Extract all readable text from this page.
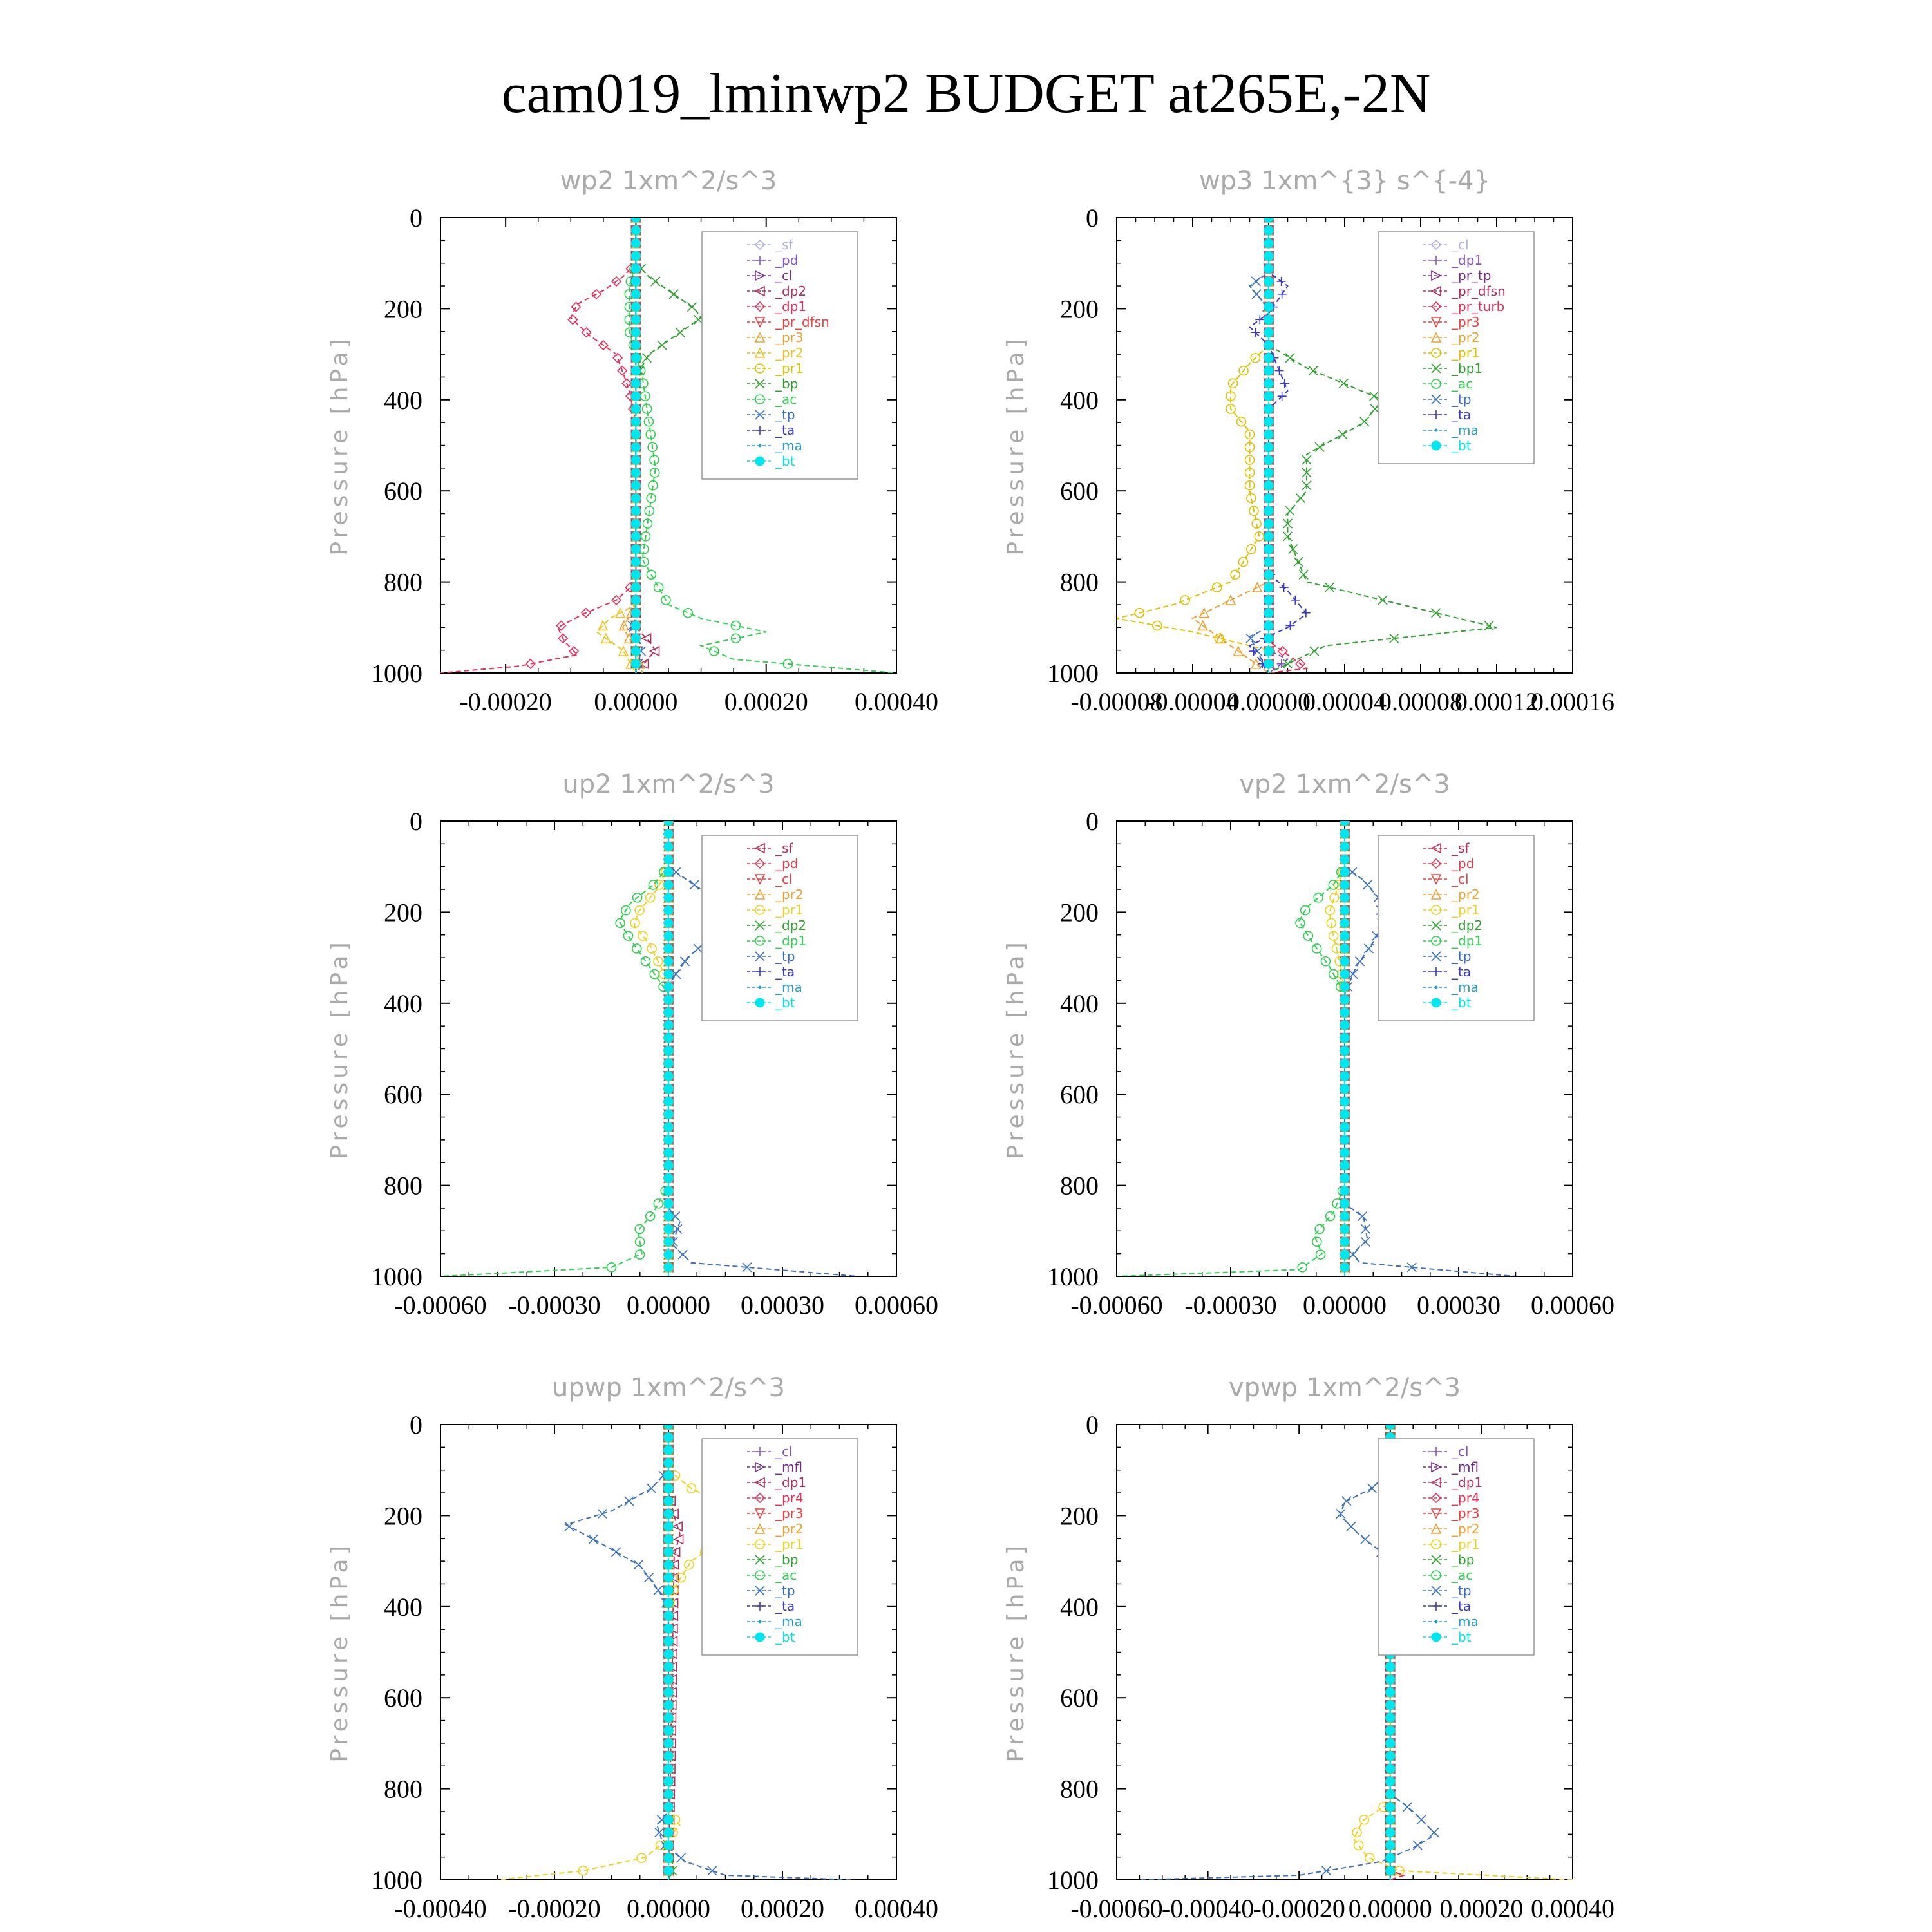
cam019_lminwp2 BUDGET at265E,-2N
0
200
400
600
800
1000
-0.00020 0.00000 0.00020 0.00040
wp2 1xm^2/s^3
Pressure [hPa]
_sf
_pd
_cl
_dp2
_dp1
_pr_dfsn
_pr3
_pr2
_pr1
_bp
_ac
_tp
_ta
_ma
_bt
0
200
400
600
800
1000
-0.00008
-0.00004
0.00000
0.00004
0.00008
0.00012
0.00016
wp3 1xm^{3} s^{-4}
Pressure [hPa]
_cl
_dp1
_pr_tp
_pr_dfsn
_pr_turb
_pr3
_pr2
_pr1
_bp1
_ac
_tp
_ta
_ma
_bt
0
200
400
600
800
1000
-0.00060 -0.00030 0.00000 0.00030 0.00060
up2 1xm^2/s^3
Pressure [hPa]
_sf
_pd
_cl
_pr2
_pr1
_dp2
_dp1
_tp
_ta
_ma
_bt
0
200
400
600
800
1000
-0.00060 -0.00030 0.00000 0.00030 0.00060
vp2 1xm^2/s^3
Pressure [hPa]
_sf
_pd
_cl
_pr2
_pr1
_dp2
_dp1
_tp
_ta
_ma
_bt
0
200
400
600
800
1000
-0.00040 -0.00020 0.00000 0.00020 0.00040
upwp 1xm^2/s^3
Pressure [hPa]
_cl
_mfl
_dp1
_pr4
_pr3
_pr2
_pr1
_bp
_ac
_tp
_ta
_ma
_bt
0
200
400
600
800
1000
-0.00060
-0.00040
-0.00020 0.00000 0.00020 0.00040
vpwp 1xm^2/s^3
Pressure [hPa]
_cl
_mfl
_dp1
_pr4
_pr3
_pr2
_pr1
_bp
_ac
_tp
_ta
_ma
_bt
